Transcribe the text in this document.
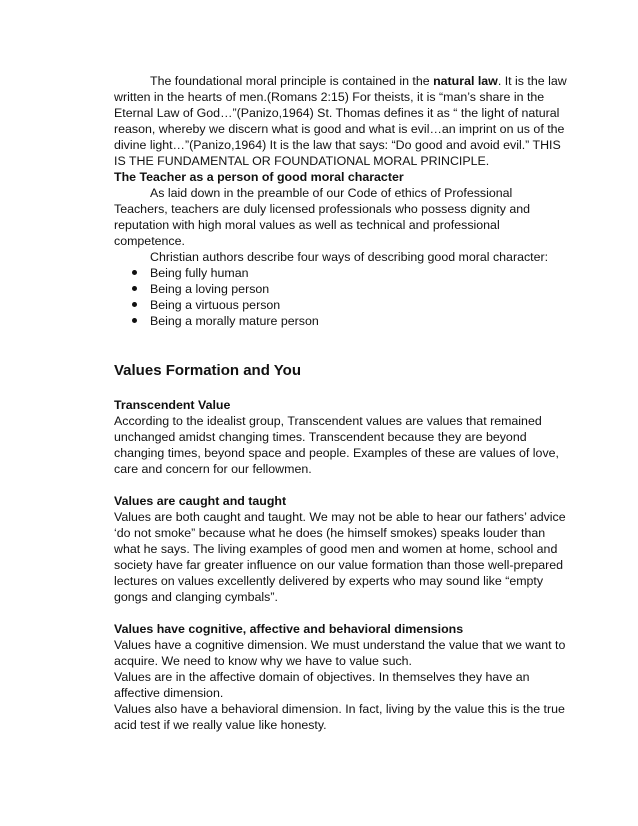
The foundational moral principle is contained in the natural law. It is the law written in the hearts of men.(Romans 2:15) For theists, it is “man’s share in the Eternal Law of God…”(Panizo,1964) St. Thomas defines it as “ the light of natural reason, whereby we discern what is good and what is evil…an imprint on us of the divine light…”(Panizo,1964) It is the law that says: “Do good and avoid evil.” THIS IS THE FUNDAMENTAL OR FOUNDATIONAL MORAL PRINCIPLE.

The Teacher as a person of good moral character

As laid down in the preamble of our Code of ethics of Professional Teachers, teachers are duly licensed professionals who possess dignity and reputation with high moral values as well as technical and professional competence.

Christian authors describe four ways of describing good moral character:

Being fully human
Being a loving person
Being a virtuous person
Being a morally mature person

Values Formation and You

Transcendent Value

According to the idealist group, Transcendent values are values that remained unchanged amidst changing times. Transcendent because they are beyond changing times, beyond space and people. Examples of these are values of love, care and concern for our fellowmen.

Values are caught and taught

Values are both caught and taught. We may not be able to hear our fathers’ advice ‘do not smoke” because what he does (he himself smokes) speaks louder than what he says. The living examples of good men and women at home, school and society have far greater influence on our value formation than those well-prepared lectures on values excellently delivered by experts who may sound like “empty gongs and clanging cymbals”.

Values have cognitive, affective and behavioral dimensions

Values have a cognitive dimension. We must understand the value that we want to acquire. We need to know why we have to value such.

Values are in the affective domain of objectives. In themselves they have an affective dimension.

Values also have a behavioral dimension. In fact, living by the value this is the true acid test if we really value like honesty.
